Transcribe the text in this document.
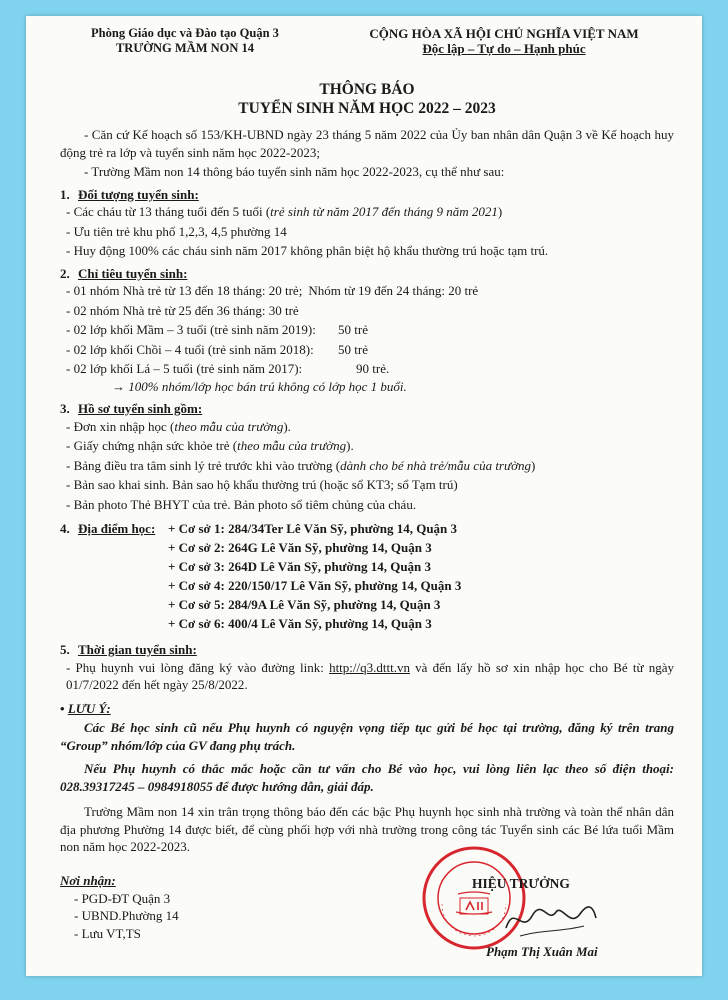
Phòng Giáo dục và Đào tạo Quận 3
TRƯỜNG MẦM NON 14
CỘNG HÒA XÃ HỘI CHỦ NGHĨA VIỆT NAM
Độc lập – Tự do – Hạnh phúc
THÔNG BÁO
TUYỂN SINH NĂM HỌC 2022 – 2023

- Căn cứ Kế hoạch số 153/KH-UBND ngày 23 tháng 5 năm 2022 của Ủy ban nhân dân Quận 3 về Kế hoạch huy động trẻ ra lớp và tuyển sinh năm học 2022-2023;

- Trường Mầm non 14 thông báo tuyển sinh năm học 2022-2023, cụ thể như sau:

1. Đối tượng tuyển sinh:
- Các cháu từ 13 tháng tuổi đến 5 tuổi (trẻ sinh từ năm 2017 đến tháng 9 năm 2021)
- Ưu tiên trẻ khu phố 1,2,3, 4,5 phường 14
- Huy động 100% các cháu sinh năm 2017 không phân biệt hộ khẩu thường trú hoặc tạm trú.
2. Chỉ tiêu tuyển sinh:
- 01 nhóm Nhà trẻ từ 13 đến 18 tháng: 20 trẻ; Nhóm từ 19 đến 24 tháng: 20 trẻ
- 02 nhóm Nhà trẻ từ 25 đến 36 tháng: 30 trẻ
- 02 lớp khối Mầm – 3 tuổi (trẻ sinh năm 2019): 50 trẻ
- 02 lớp khối Chồi – 4 tuổi (trẻ sinh năm 2018): 50 trẻ
- 02 lớp khối Lá – 5 tuổi (trẻ sinh năm 2017):	90 trẻ.
→ 100% nhóm/lớp học bán trú không có lớp học 1 buổi.
3. Hồ sơ tuyển sinh gồm:
- Đơn xin nhập học (theo mẫu của trường).
- Giấy chứng nhận sức khỏe trẻ (theo mẫu của trường).
- Bảng điều tra tâm sinh lý trẻ trước khi vào trường (dành cho bé nhà trẻ/mẫu của trường)
- Bản sao khai sinh. Bản sao hộ khẩu thường trú (hoặc sổ KT3; sổ Tạm trú)
- Bản photo Thẻ BHYT của trẻ. Bản photo sổ tiêm chủng của cháu.
4. Địa điểm học: + Cơ sở 1: 284/34Ter Lê Văn Sỹ, phường 14, Quận 3
+ Cơ sở 2: 264G Lê Văn Sỹ, phường 14, Quận 3
+ Cơ sở 3: 264D Lê Văn Sỹ, phường 14, Quận 3
+ Cơ sở 4: 220/150/17 Lê Văn Sỹ, phường 14, Quận 3
+ Cơ sở 5: 284/9A Lê Văn Sỹ, phường 14, Quận 3
+ Cơ sở 6: 400/4 Lê Văn Sỹ, phường 14, Quận 3
5. Thời gian tuyển sinh:
- Phụ huynh vui lòng đăng ký vào đường link: http://q3.dttt.vn và đến lấy hồ sơ xin nhập học cho Bé từ ngày 01/7/2022 đến hết ngày 25/8/2022.
• LƯU Ý:

Các Bé học sinh cũ nếu Phụ huynh có nguyện vọng tiếp tục gửi bé học tại trường, đăng ký trên trang “Group” nhóm/lớp của GV đang phụ trách.

Nếu Phụ huynh có thắc mắc hoặc cần tư vấn cho Bé vào học, vui lòng liên lạc theo số điện thoại: 028.39317245 – 0984918055 để được hướng dẫn, giải đáp.

Trường Mầm non 14 xin trân trọng thông báo đến các bậc Phụ huynh học sinh nhà trường và toàn thể nhân dân địa phương Phường 14 được biết, để cùng phối hợp với nhà trường trong công tác Tuyển sinh các Bé lứa tuổi Mầm non năm học 2022-2023.

Nơi nhận:
- PGD-ĐT Quận 3
- UBND.Phường 14
- Lưu VT,TS
HIỆU TRƯỞNG
Phạm Thị Xuân Mai
